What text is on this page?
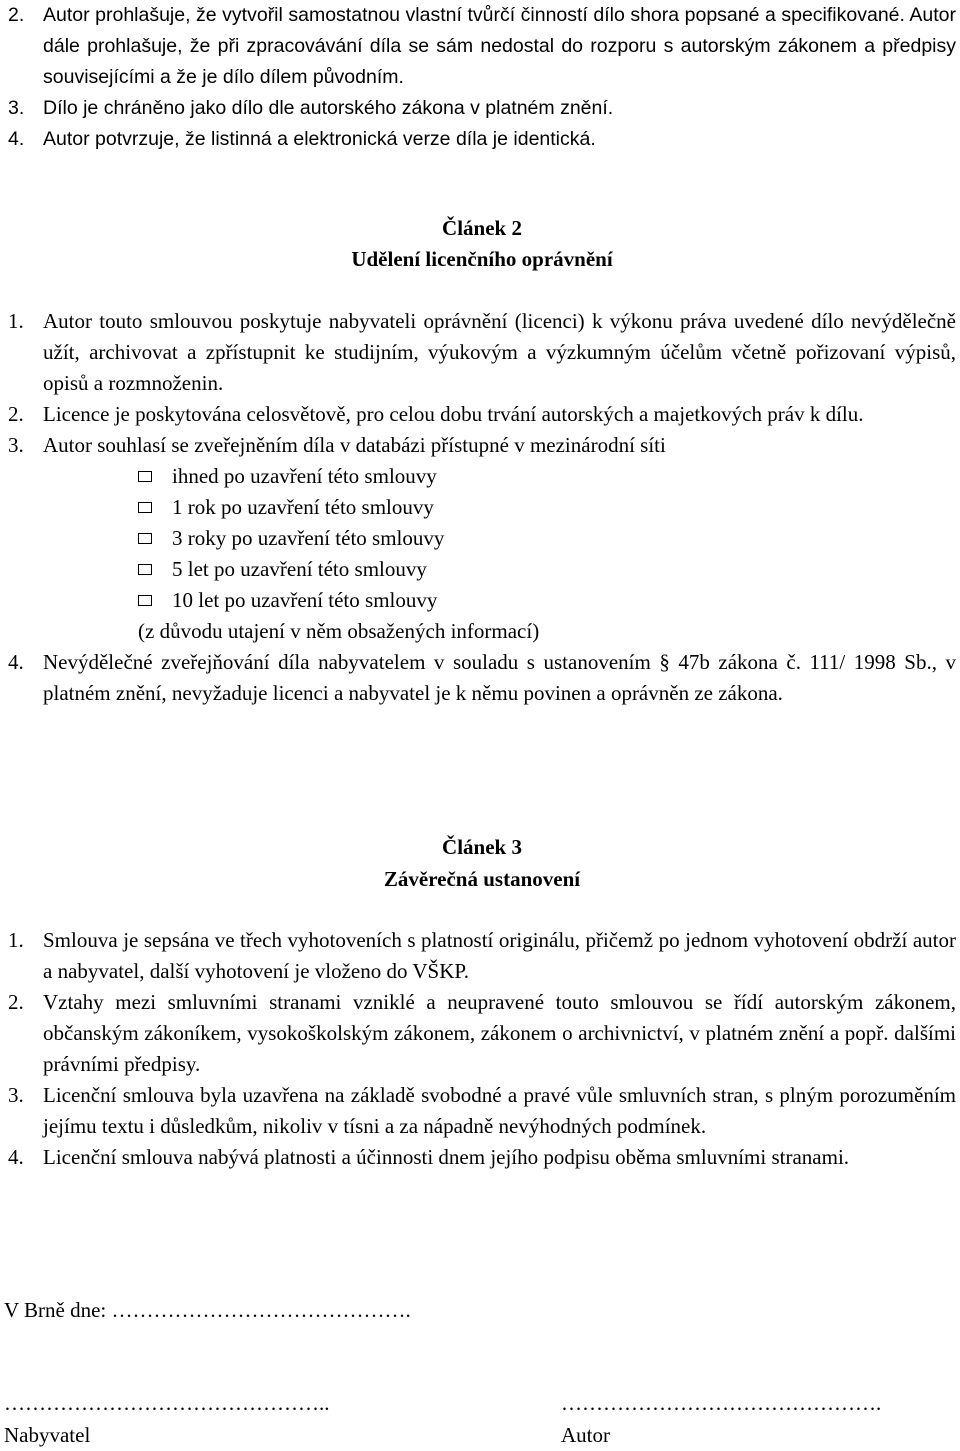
2. Autor prohlašuje, že vytvořil samostatnou vlastní tvůrčí činností dílo shora popsané a specifikované. Autor dále prohlašuje, že při zpracovávání díla se sám nedostal do rozporu s autorským zákonem a předpisy souvisejícími a že je dílo dílem původním.
3. Dílo je chráněno jako dílo dle autorského zákona v platném znění.
4. Autor potvrzuje, že listinná a elektronická verze díla je identická.
Článek 2
Udělení licenčního oprávnění
1. Autor touto smlouvou poskytuje nabyvateli oprávnění (licenci) k výkonu práva uvedené dílo nevýdělečně užít, archivovat a zpřístupnit ke studijním, výukovým a výzkumným účelům včetně pořizovaní výpisů, opisů a rozmnoženin.
2. Licence je poskytována celosvětově, pro celou dobu trvání autorských a majetkových práv k dílu.
3. Autor souhlasí se zveřejněním díla v databázi přístupné v mezinárodní síti
ihned po uzavření této smlouvy
1 rok po uzavření této smlouvy
3 roky po uzavření této smlouvy
5 let po uzavření této smlouvy
10 let po uzavření této smlouvy
(z důvodu utajení v něm obsažených informací)
4. Nevýdělečné zveřejňování díla nabyvatelem v souladu s ustanovením § 47b zákona č. 111/ 1998 Sb., v platném znění, nevyžaduje licenci a nabyvatel je k němu povinen a oprávněn ze zákona.
Článek 3
Závěrečná ustanovení
1. Smlouva je sepsána ve třech vyhotoveních s platností originálu, přičemž po jednom vyhotovení obdrží autor a nabyvatel, další vyhotovení je vloženo do VŠKP.
2. Vztahy mezi smluvními stranami vzniklé a neupravené touto smlouvou se řídí autorským zákonem, občanským zákoníkem, vysokoškolským zákonem, zákonem o archivnictví, v platném znění a popř. dalšími právními předpisy.
3. Licenční smlouva byla uzavřena na základě svobodné a pravé vůle smluvních stran, s plným porozuměním jejímu textu i důsledkům, nikoliv v tísni a za nápadně nevýhodných podmínek.
4. Licenční smlouva nabývá platnosti a účinnosti dnem jejího podpisu oběma smluvními stranami.
V Brně dne: …………………………………….
………………………………………..
Nabyvatel
……………………………………….
Autor
